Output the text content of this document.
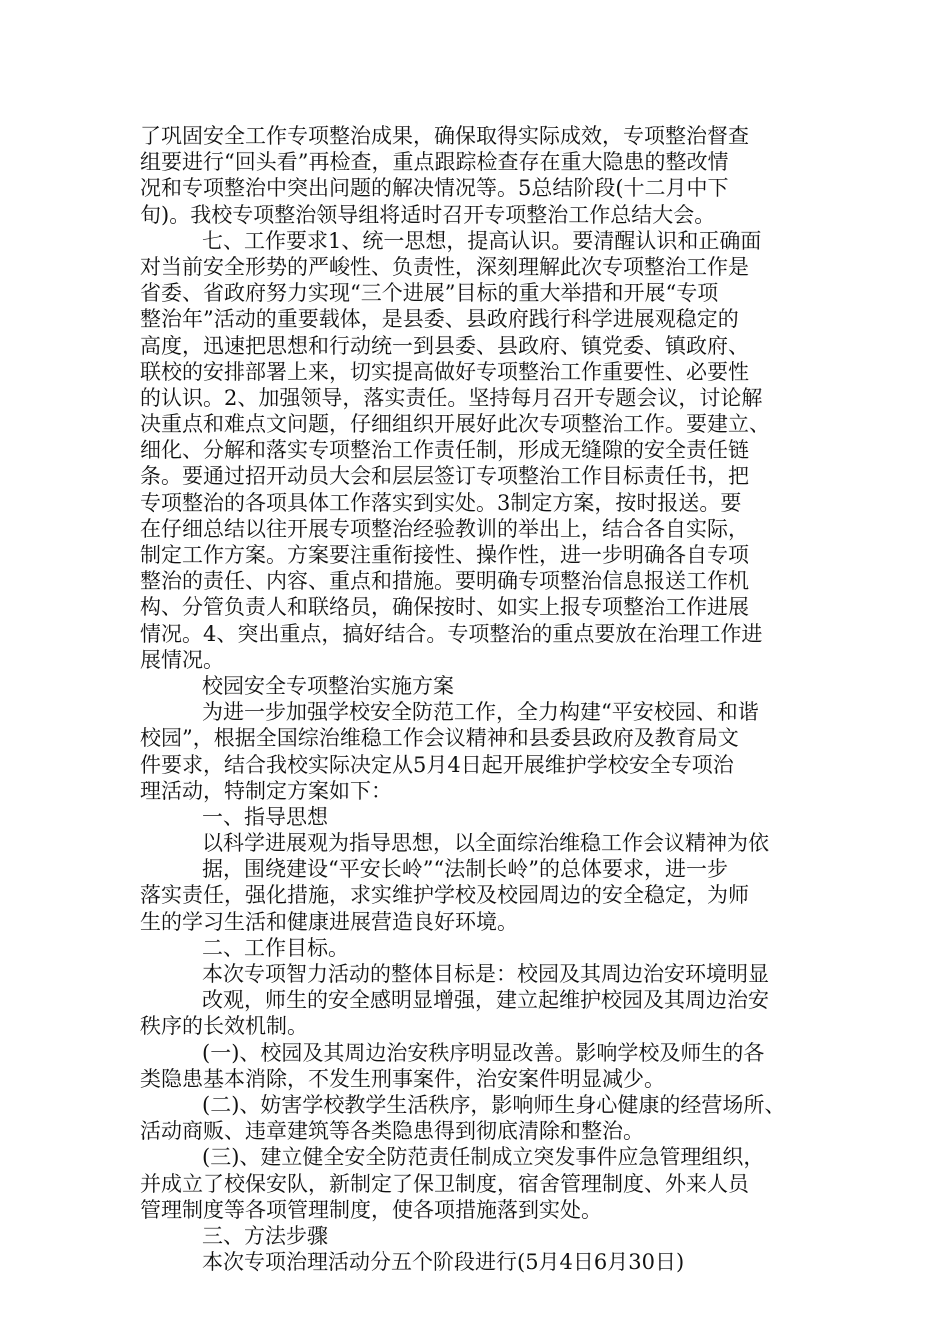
了巩固安全工作专项整治成果，确保取得实际成效，专项整治督查
组要进行“回头看”再检查，重点跟踪检查存在重大隐患的整改情
况和专项整治中突出问题的解决情况等。5总结阶段(十二月中下
旬)。我校专项整治领导组将适时召开专项整治工作总结大会。
七、工作要求1、统一思想，提高认识。要清醒认识和正确面
对当前安全形势的严峻性、负责性，深刻理解此次专项整治工作是
省委、省政府努力实现“三个进展”目标的重大举措和开展“专项
整治年”活动的重要载体，是县委、县政府践行科学进展观稳定的
高度，迅速把思想和行动统一到县委、县政府、镇党委、镇政府、
联校的安排部署上来，切实提高做好专项整治工作重要性、必要性
的认识。2、加强领导，落实责任。坚持每月召开专题会议，讨论解
决重点和难点文问题，仔细组织开展好此次专项整治工作。要建立、
细化、分解和落实专项整治工作责任制，形成无缝隙的安全责任链
条。要通过招开动员大会和层层签订专项整治工作目标责任书，把
专项整治的各项具体工作落实到实处。3制定方案，按时报送。要
在仔细总结以往开展专项整治经验教训的举出上，结合各自实际，
制定工作方案。方案要注重衔接性、操作性，进一步明确各自专项
整治的责任、内容、重点和措施。要明确专项整治信息报送工作机
构、分管负责人和联络员，确保按时、如实上报专项整治工作进展
情况。4、突出重点，搞好结合。专项整治的重点要放在治理工作进
展情况。
校园安全专项整治实施方案
为进一步加强学校安全防范工作，全力构建“平安校园、和谐
校园”，根据全国综治维稳工作会议精神和县委县政府及教育局文
件要求，结合我校实际决定从5月4日起开展维护学校安全专项治
理活动，特制定方案如下：
一、指导思想
以科学进展观为指导思想，以全面综治维稳工作会议精神为依
据，围绕建设“平安长岭”“法制长岭”的总体要求，进一步
落实责任，强化措施，求实维护学校及校园周边的安全稳定，为师
生的学习生活和健康进展营造良好环境。
二、工作目标。
本次专项智力活动的整体目标是：校园及其周边治安环境明显
改观，师生的安全感明显增强，建立起维护校园及其周边治安
秩序的长效机制。
(一)、校园及其周边治安秩序明显改善。影响学校及师生的各
类隐患基本消除，不发生刑事案件，治安案件明显减少。
(二)、妨害学校教学生活秩序，影响师生身心健康的经营场所、
活动商贩、违章建筑等各类隐患得到彻底清除和整治。
(三)、建立健全安全防范责任制成立突发事件应急管理组织，
并成立了校保安队，新制定了保卫制度，宿舍管理制度、外来人员
管理制度等各项管理制度，使各项措施落到实处。
三、方法步骤
本次专项治理活动分五个阶段进行(5月4日6月30日)
